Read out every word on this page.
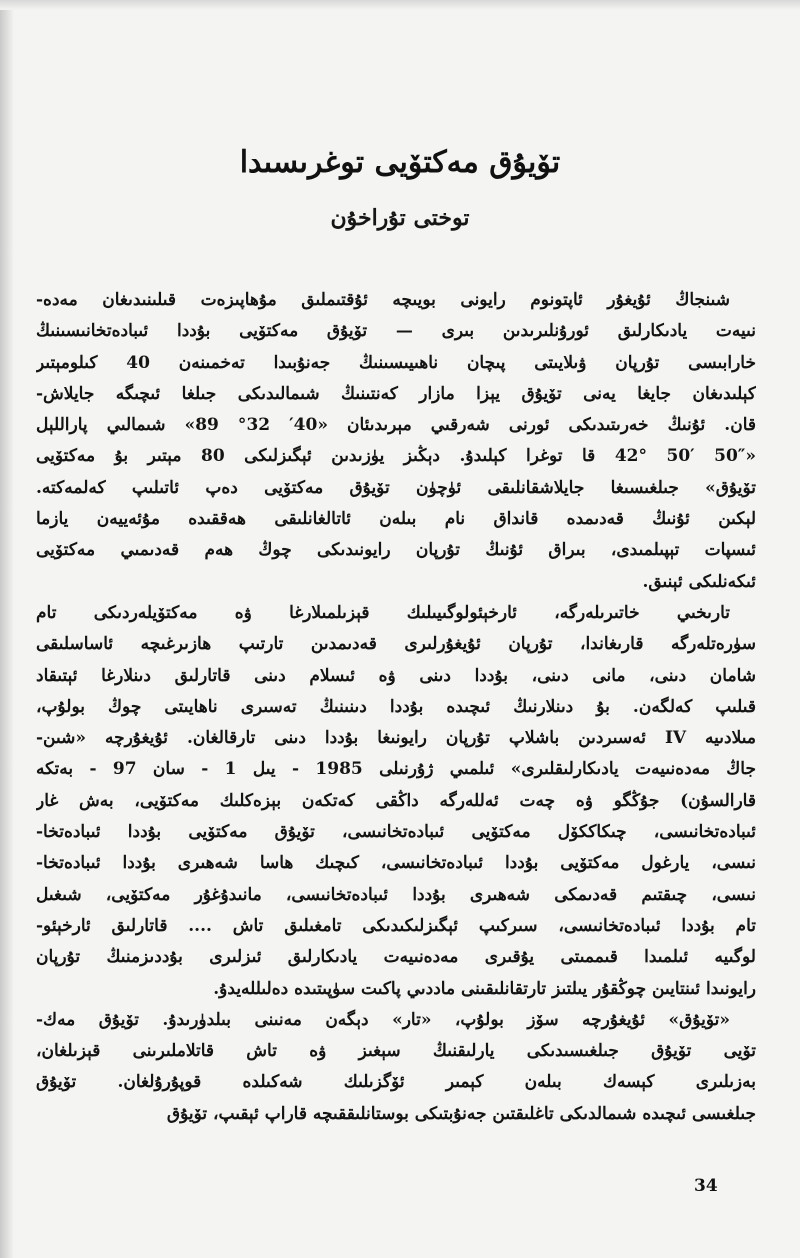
تۆيۇق مەكتۆيى توغرىسىدا
توختى تۇراخۇن
شىنجاڭ ئۇيغۇر ئاپتونوم رايونى بويىچە ئۇقتىملىق مۇھاپىزەت قىلىنىدىغان مەدە-
نىيەت يادىكارلىق ئورۇنلىرىدىن بىرى — تۆيۇق مەكتۆيى بۇددا ئىبادەتخانىسىنىڭ
خارابىسى تۇرپان ۋىلايىتى پىچان ناھىيىسىنىڭ جەنۇبىدا تەخمىنەن 40 كىلومېتىر
كېلىدىغان جايغا يەنى تۆيۇق يېزا مازار كەنتىنىڭ شىمالىدىكى جىلغا ئىچىگە جايلاش-
قان. ئۇنىڭ خەرىتىدىكى ئورنى شەرقىي مېرىدىئان «40′ 32° 89» شىمالىي پاراللېل
«50″ 50′ 42° قا توغرا كېلىدۇ. دېڭىز يۈزىدىن ئېگىزلىكى 80 مېتىر بۇ مەكتۆيى
تۆيۇق» جىلغىسىغا جايلاشقانلىقى ئۈچۈن تۆيۇق مەكتۆيى دەپ ئاتىلىپ كەلمەكتە.
لېكىن ئۇنىڭ قەدىمدە قانداق نام بىلەن ئاتالغانلىقى ھەققىدە مۇئەييەن يازما
ئىسپات تېپىلمىدى، بىراق ئۇنىڭ تۇرپان رايونىدىكى چوڭ ھەم قەدىمىي مەكتۆيى
ئىكەنلىكى ئېنىق.
تارىخىي خاتىرىلەرگە، ئارخېئولوگىيىلىك قېزىلمىلارغا ۋە مەكتۆيلەردىكى تام
سۈرەتلەرگە قارىغاندا، تۇرپان ئۇيغۇرلىرى قەدىمدىن تارتىپ ھازىرغىچە ئاساسلىقى
شامان دىنى، مانى دىنى، بۇددا دىنى ۋە ئىسلام دىنى قاتارلىق دىنلارغا ئېتىقاد
قىلىپ كەلگەن. بۇ دىنلارنىڭ ئىچىدە بۇددا دىنىنىڭ تەسىرى ناھايىتى چوڭ بولۇپ،
مىلادىيە IV ئەسىردىن باشلاپ تۇرپان رايونىغا بۇددا دىنى تارقالغان. ئۇيغۇرچە «شىن-
جاڭ مەدەنىيەت يادىكارلىقلىرى» ئىلمىي ژۇرنىلى 1985 - يىل 1 - سان 97 - بەتكە
قارالسۇن) جۇڭگو ۋە چەت ئەللەرگە داڭقى كەتكەن بېزەكلىك مەكتۆيى، بەش غار
ئىبادەتخانىسى، چىكاككۆل مەكتۆيى ئىبادەتخانىسى، تۆيۇق مەكتۆيى بۇددا ئىبادەتخا-
نىسى، يارغول مەكتۆيى بۇددا ئىبادەتخانىسى، كىچىك ھاسا شەھىرى بۇددا ئىبادەتخا-
نىسى، چىقتىم قەدىمكى شەھىرى بۇددا ئىبادەتخانىسى، مانىدۇغۇر مەكتۆيى، شىغىل
تام بۇددا ئىبادەتخانىسى، سىركىپ ئېگىزلىكىدىكى تامغىلىق تاش .... قاتارلىق ئارخېئو-
لوگىيە ئىلمىدا قىممىتى يۇقىرى مەدەنىيەت يادىكارلىق ئىزلىرى بۇددىزمنىڭ تۇرپان
رايونىدا ئىنتايىن چوڭقۇر يىلتىز تارتقانلىقىنى ماددىي پاكىت سۈپىتىدە دەلىللەيدۇ.
«تۆيۇق» ئۇيغۇرچە سۆز بولۇپ، «تار» دېگەن مەنىنى بىلدۈرىدۇ. تۆيۇق مەك-
تۆيى تۆيۇق جىلغىسىدىكى يارلىقنىڭ سېغىز ۋە تاش قاتلاملىرىنى قېزىلغان،
بەزىلىرى كېسەك بىلەن كېمىر ئۆگزىلىك شەكىلدە قوپۇرۇلغان. تۆيۇق
جىلغىسى ئىچىدە شىمالدىكى تاغلىقتىن جەنۇبتىكى بوستانلىققىچە قاراپ ئېقىپ، تۆيۇق
34
